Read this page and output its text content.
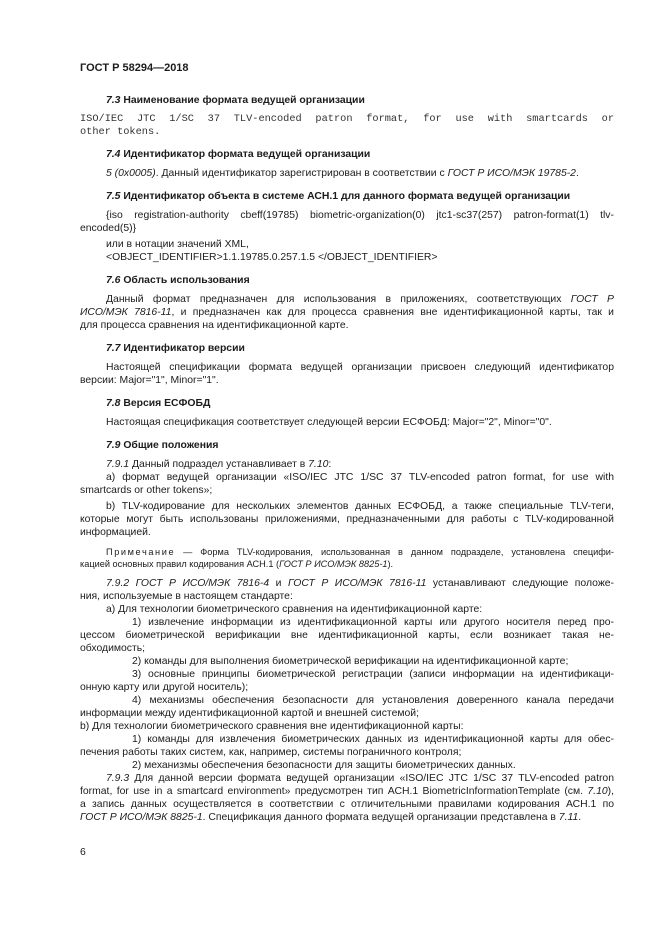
ГОСТ Р 58294—2018
7.3 Наименование формата ведущей организации
ISO/IEC JTC 1/SC 37 TLV-encoded patron format, for use with smartcards or
other tokens.
7.4 Идентификатор формата ведущей организации
5 (0x0005). Данный идентификатор зарегистрирован в соответствии с ГОСТ Р ИСО/МЭК 19785-2.
7.5 Идентификатор объекта в системе АСН.1 для данного формата ведущей организации
{iso registration‑authority cbeff(19785) biometric‑organization(0) jtc1-sc37(257) patron-format(1) tlv-
encoded(5)}
или в нотации значений XML,
<OBJECT_IDENTIFIER>1.1.19785.0.257.1.5 </OBJECT_IDENTIFIER>
7.6 Область использования
Данный формат предназначен для использования в приложениях, соответствующих ГОСТ Р
ИСО/МЭК 7816-11, и предназначен как для процесса сравнения вне идентификационной карты, так и
для процесса сравнения на идентификационной карте.
7.7 Идентификатор версии
Настоящей спецификации формата ведущей организации присвоен следующий идентификатор
версии: Major="1", Minor="1".
7.8 Версия ЕСФОБД
Настоящая спецификация соответствует следующей версии ЕСФОБД: Major="2", Minor="0".
7.9 Общие положения
7.9.1 Данный подраздел устанавливает в 7.10:
а) формат ведущей организации «ISO/IEC JTC 1/SC 37 TLV-encoded patron format, for use with
smartcards or other tokens»;
b) TLV-кодирование для нескольких элементов данных ЕСФОБД, а также специальные TLV-теги,
которые могут быть использованы приложениями, предназначенными для работы с TLV-кодированной
информацией.
Примечание — Форма TLV-кодирования, использованная в данном подразделе, установлена специфи-
кацией основных правил кодирования АСН.1 (ГОСТ Р ИСО/МЭК 8825-1).
7.9.2 ГОСТ Р ИСО/МЭК 7816-4 и ГОСТ Р ИСО/МЭК 7816-11 устанавливают следующие положе-
ния, используемые в настоящем стандарте:
а) Для технологии биометрического сравнения на идентификационной карте:
1) извлечение информации из идентификационной карты или другого носителя перед про-
цессом биометрической верификации вне идентификационной карты, если возникает такая не-
обходимость;
2) команды для выполнения биометрической верификации на идентификационной карте;
3) основные принципы биометрической регистрации (записи информации на идентификаци-
онную карту или другой носитель);
4) механизмы обеспечения безопасности для установления доверенного канала передачи
информации между идентификационной картой и внешней системой;
b) Для технологии биометрического сравнения вне идентификационной карты:
1) команды для извлечения биометрических данных из идентификационной карты для обес-
печения работы таких систем, как, например, системы пограничного контроля;
2) механизмы обеспечения безопасности для защиты биометрических данных.
7.9.3 Для данной версии формата ведущей организации «ISO/IEC JTC 1/SC 37 TLV-encoded patron
format, for use in a smartcard environment» предусмотрен тип АСН.1 BiometricInformationTemplate (см. 7.10),
а запись данных осуществляется в соответствии с отличительными правилами кодирования АСН.1 по
ГОСТ Р ИСО/МЭК 8825-1. Спецификация данного формата ведущей организации представлена в 7.11.
6
